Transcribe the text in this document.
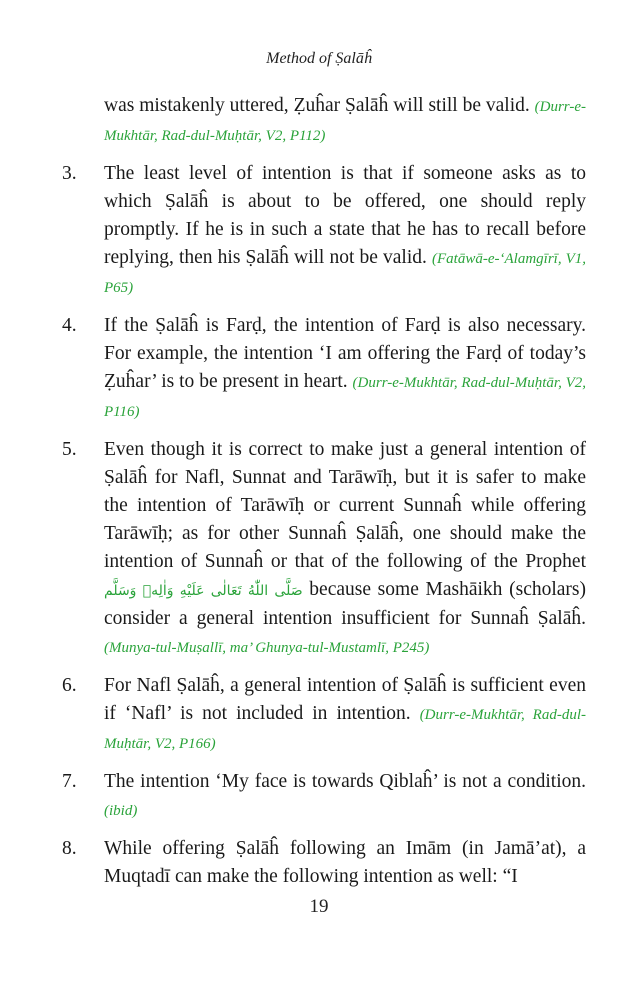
Method of Ṣalāĥ
was mistakenly uttered, Ẓuĥar Ṣalāĥ will still be valid. (Durr-e-Mukhtār, Rad-dul-Muḥtār, V2, P112)
3. The least level of intention is that if someone asks as to which Ṣalāĥ is about to be offered, one should reply promptly. If he is in such a state that he has to recall before replying, then his Ṣalāĥ will not be valid. (Fatāwā-e-‘Alamgīrī, V1, P65)
4. If the Ṣalāĥ is Farḍ, the intention of Farḍ is also necessary. For example, the intention ‘I am offering the Farḍ of today’s Ẓuĥar’ is to be present in heart. (Durr-e-Mukhtār, Rad-dul-Muḥtār, V2, P116)
5. Even though it is correct to make just a general intention of Ṣalāĥ for Nafl, Sunnat and Tarāwīḥ, but it is safer to make the intention of Tarāwīḥ or current Sunnaĥ while offering Tarāwīḥ; as for other Sunnaĥ Ṣalāĥ, one should make the intention of Sunnaĥ or that of the following of the Prophet صَلَّى اللّٰهُ تَعَالٰى عَلَيْهِ وَاٰلِهٖ وَسَلَّم because some Mashāikh (scholars) consider a general intention insufficient for Sunnaĥ Ṣalāĥ. (Munya-tul-Muṣallī, ma’ Ghunya-tul-Mustamlī, P245)
6. For Nafl Ṣalāĥ, a general intention of Ṣalāĥ is sufficient even if ‘Nafl’ is not included in intention. (Durr-e-Mukhtār, Rad-dul-Muḥtār, V2, P166)
7. The intention ‘My face is towards Qiblaĥ’ is not a condition. (ibid)
8. While offering Ṣalāĥ following an Imām (in Jamā’at), a Muqtadī can make the following intention as well: “I
19
